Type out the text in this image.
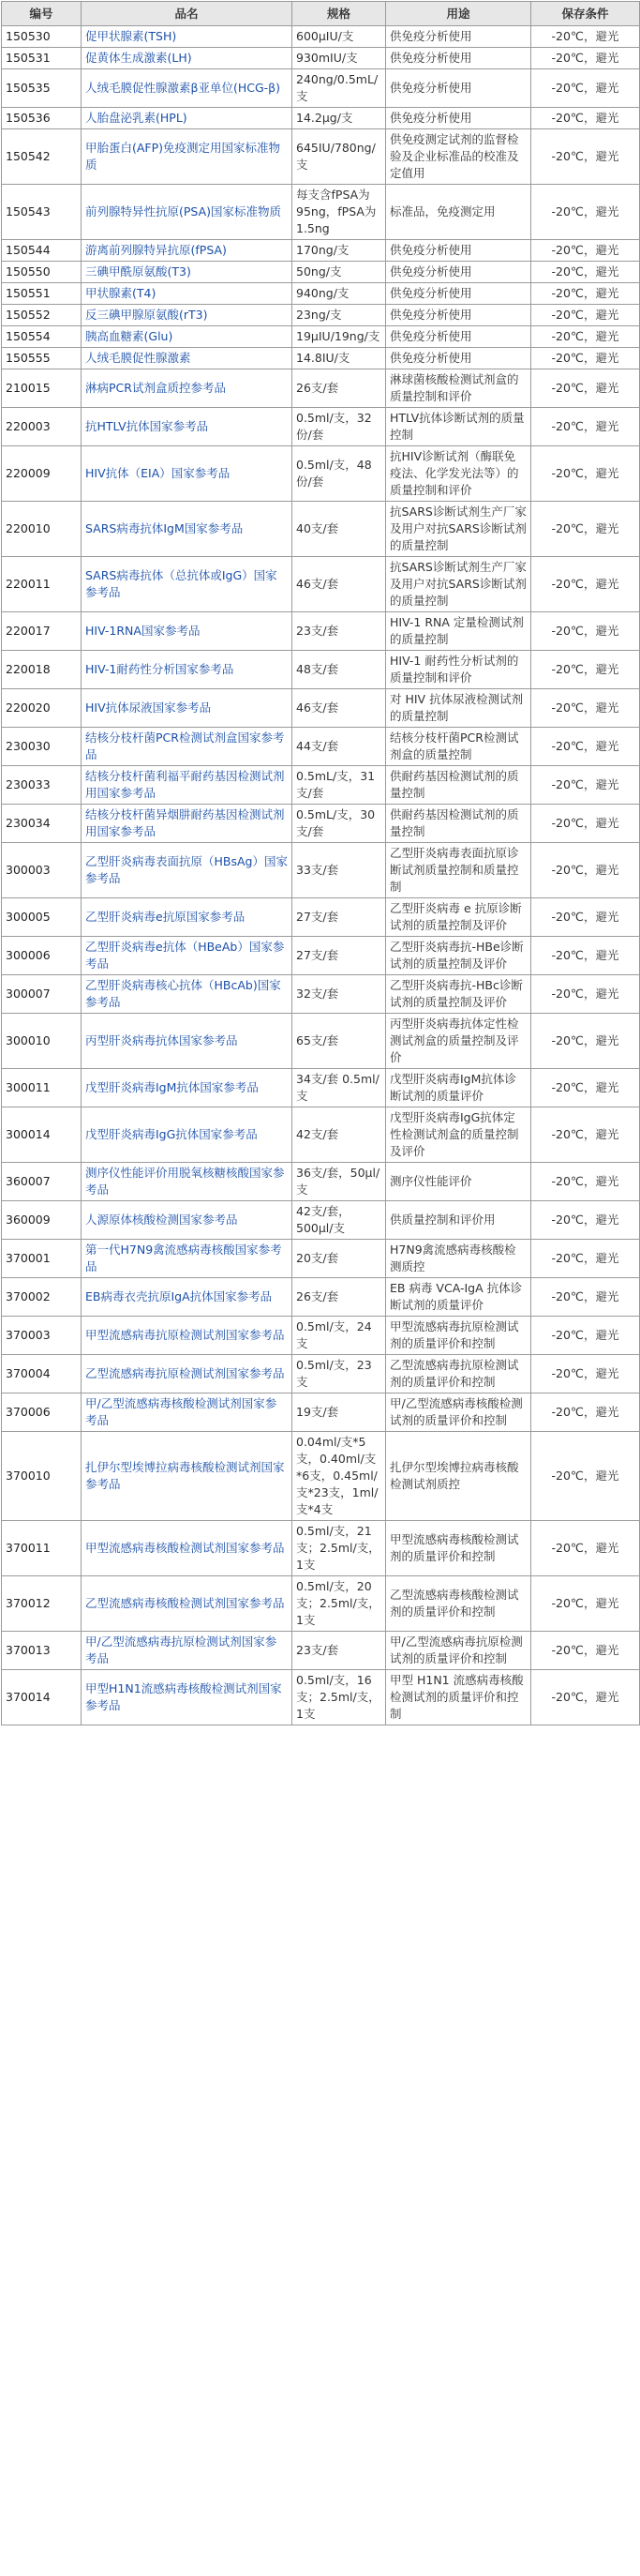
编号	品名	规格	用途	保存条件
150530	促甲状腺素(TSH)	600μIU/支	供免疫分析使用	-20℃，避光
150531	促黄体生成激素(LH)	930mIU/支	供免疫分析使用	-20℃，避光
150535	人绒毛膜促性腺激素β亚单位(HCG-β)	240ng/0.5mL/支	供免疫分析使用	-20℃，避光
150536	人胎盘泌乳素(HPL)	14.2μg/支	供免疫分析使用	-20℃，避光
150542	甲胎蛋白(AFP)免疫测定用国家标准物质	645IU/780ng/支	供免疫测定试剂的监督检验及企业标准品的校准及定值用	-20℃，避光
150543	前列腺特异性抗原(PSA)国家标准物质	每支含fPSA为95ng，fPSA为1.5ng	标准品，免疫测定用	-20℃，避光
150544	游离前列腺特异抗原(fPSA)	170ng/支	供免疫分析使用	-20℃，避光
150550	三碘甲酰原氨酸(T3)	50ng/支	供免疫分析使用	-20℃，避光
150551	甲状腺素(T4)	940ng/支	供免疫分析使用	-20℃，避光
150552	反三碘甲腺原氨酸(rT3)	23ng/支	供免疫分析使用	-20℃，避光
150554	胰高血糖素(Glu)	19μIU/19ng/支	供免疫分析使用	-20℃，避光
150555	人绒毛膜促性腺激素	14.8IU/支	供免疫分析使用	-20℃，避光
210015	淋病PCR试剂盒质控参考品	26支/套	淋球菌核酸检测试剂盒的质量控制和评价	-20℃，避光
220003	抗HTLV抗体国家参考品	0.5ml/支，32份/套	HTLV抗体诊断试剂的质量控制	-20℃，避光
220009	HIV抗体（EIA）国家参考品	0.5ml/支，48份/套	抗HIV诊断试剂（酶联免疫法、化学发光法等）的质量控制和评价	-20℃，避光
220010	SARS病毒抗体IgM国家参考品	40支/套	抗SARS诊断试剂生产厂家及用户对抗SARS诊断试剂的质量控制	-20℃，避光
220011	SARS病毒抗体（总抗体或IgG）国家参考品	46支/套	抗SARS诊断试剂生产厂家及用户对抗SARS诊断试剂的质量控制	-20℃，避光
220017	HIV-1RNA国家参考品	23支/套	HIV-1 RNA 定量检测试剂的质量控制	-20℃，避光
220018	HIV-1耐药性分析国家参考品	48支/套	HIV-1 耐药性分析试剂的质量控制和评价	-20℃，避光
220020	HIV抗体尿液国家参考品	46支/套	对 HIV 抗体尿液检测试剂的质量控制	-20℃，避光
230030	结核分枝杆菌PCR检测试剂盒国家参考品	44支/套	结核分枝杆菌PCR检测试剂盒的质量控制	-20℃，避光
230033	结核分枝杆菌利福平耐药基因检测试剂用国家参考品	0.5mL/支，31支/套	供耐药基因检测试剂的质量控制	-20℃，避光
230034	结核分枝杆菌异烟肼耐药基因检测试剂用国家参考品	0.5mL/支，30支/套	供耐药基因检测试剂的质量控制	-20℃，避光
300003	乙型肝炎病毒表面抗原（HBsAg）国家参考品	33支/套	乙型肝炎病毒表面抗原诊断试剂质量控制和质量控制	-20℃，避光
300005	乙型肝炎病毒e抗原国家参考品	27支/套	乙型肝炎病毒 e 抗原诊断试剂的质量控制及评价	-20℃，避光
300006	乙型肝炎病毒e抗体（HBeAb）国家参考品	27支/套	乙型肝炎病毒抗-HBe诊断试剂的质量控制及评价	-20℃，避光
300007	乙型肝炎病毒核心抗体（HBcAb)国家参考品	32支/套	乙型肝炎病毒抗-HBc诊断试剂的质量控制及评价	-20℃，避光
300010	丙型肝炎病毒抗体国家参考品	65支/套	丙型肝炎病毒抗体定性检测试剂盒的质量控制及评价	-20℃，避光
300011	戊型肝炎病毒IgM抗体国家参考品	34支/套 0.5ml/支	戊型肝炎病毒IgM抗体诊断试剂的质量评价	-20℃，避光
300014	戊型肝炎病毒IgG抗体国家参考品	42支/套	戊型肝炎病毒IgG抗体定性检测试剂盒的质量控制及评价	-20℃，避光
360007	测序仪性能评价用脱氧核糖核酸国家参考品	36支/套，50μl/支	测序仪性能评价	-20℃，避光
360009	人源原体核酸检测国家参考品	42支/套，500μl/支	供质量控制和评价用	-20℃，避光
370001	第一代H7N9禽流感病毒核酸国家参考品	20支/套	H7N9禽流感病毒核酸检测质控	-20℃，避光
370002	EB病毒衣壳抗原IgA抗体国家参考品	26支/套	EB 病毒 VCA-IgA 抗体诊断试剂的质量评价	-20℃，避光
370003	甲型流感病毒抗原检测试剂国家参考品	0.5ml/支，24支	甲型流感病毒抗原检测试剂的质量评价和控制	-20℃，避光
370004	乙型流感病毒抗原检测试剂国家参考品	0.5ml/支，23支	乙型流感病毒抗原检测试剂的质量评价和控制	-20℃，避光
370006	甲/乙型流感病毒核酸检测试剂国家参考品	19支/套	甲/乙型流感病毒核酸检测试剂的质量评价和控制	-20℃，避光
370010	扎伊尔型埃博拉病毒核酸检测试剂国家参考品	0.04ml/支*5支，0.40ml/支*6支，0.45ml/支*23支，1ml/支*4支	扎伊尔型埃博拉病毒核酸检测试剂质控	-20℃，避光
370011	甲型流感病毒核酸检测试剂国家参考品	0.5ml/支，21支；2.5ml/支，1支	甲型流感病毒核酸检测试剂的质量评价和控制	-20℃，避光
370012	乙型流感病毒核酸检测试剂国家参考品	0.5ml/支，20支；2.5ml/支，1支	乙型流感病毒核酸检测试剂的质量评价和控制	-20℃，避光
370013	甲/乙型流感病毒抗原检测试剂国家参考品	23支/套	甲/乙型流感病毒抗原检测试剂的质量评价和控制	-20℃，避光
370014	甲型H1N1流感病毒核酸检测试剂国家参考品	0.5ml/支，16支；2.5ml/支，1支	甲型 H1N1 流感病毒核酸检测试剂的质量评价和控制	-20℃，避光
